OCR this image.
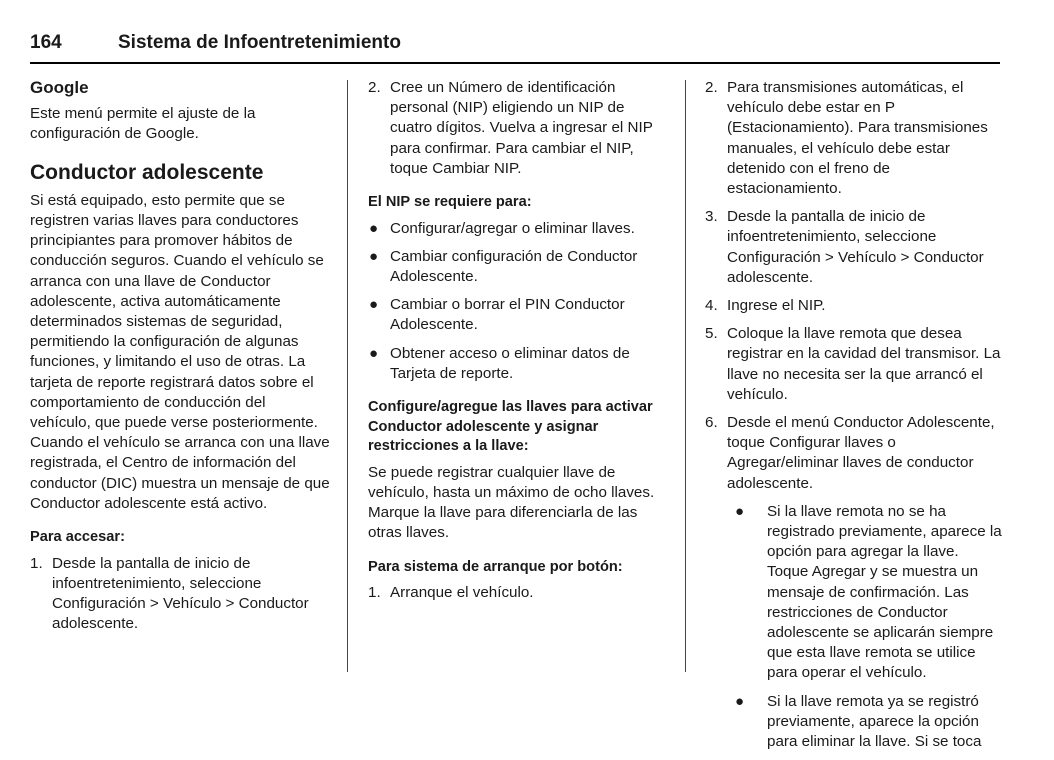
164	Sistema de Infoentretenimiento
Google
Este menú permite el ajuste de la configuración de Google.
Conductor adolescente
Si está equipado, esto permite que se registren varias llaves para conductores principiantes para promover hábitos de conducción seguros. Cuando el vehículo se arranca con una llave de Conductor adolescente, activa automáticamente determinados sistemas de seguridad, permitiendo la configuración de algunas funciones, y limitando el uso de otras. La tarjeta de reporte registrará datos sobre el comportamiento de conducción del vehículo, que puede verse posteriormente. Cuando el vehículo se arranca con una llave registrada, el Centro de información del conductor (DIC) muestra un mensaje de que Conductor adolescente está activo.
Para accesar:
1. Desde la pantalla de inicio de infoentretenimiento, seleccione Configuración > Vehículo > Conductor adolescente.
2. Cree un Número de identificación personal (NIP) eligiendo un NIP de cuatro dígitos. Vuelva a ingresar el NIP para confirmar. Para cambiar el NIP, toque Cambiar NIP.
El NIP se requiere para:
● Configurar/agregar o eliminar llaves.
● Cambiar configuración de Conductor Adolescente.
● Cambiar o borrar el PIN Conductor Adolescente.
● Obtener acceso o eliminar datos de Tarjeta de reporte.
Configure/agregue las llaves para activar Conductor adolescente y asignar restricciones a la llave:
Se puede registrar cualquier llave de vehículo, hasta un máximo de ocho llaves. Marque la llave para diferenciarla de las otras llaves.
Para sistema de arranque por botón:
1. Arranque el vehículo.
2. Para transmisiones automáticas, el vehículo debe estar en P (Estacionamiento). Para transmisiones manuales, el vehículo debe estar detenido con el freno de estacionamiento.
3. Desde la pantalla de inicio de infoentretenimiento, seleccione Configuración > Vehículo > Conductor adolescente.
4. Ingrese el NIP.
5. Coloque la llave remota que desea registrar en la cavidad del transmisor. La llave no necesita ser la que arrancó el vehículo.
6. Desde el menú Conductor Adolescente, toque Configurar llaves o Agregar/eliminar llaves de conductor adolescente.
● Si la llave remota no se ha registrado previamente, aparece la opción para agregar la llave. Toque Agregar y se muestra un mensaje de confirmación. Las restricciones de Conductor adolescente se aplicarán siempre que esta llave remota se utilice para operar el vehículo.
● Si la llave remota ya se registró previamente, aparece la opción para eliminar la llave. Si se toca
